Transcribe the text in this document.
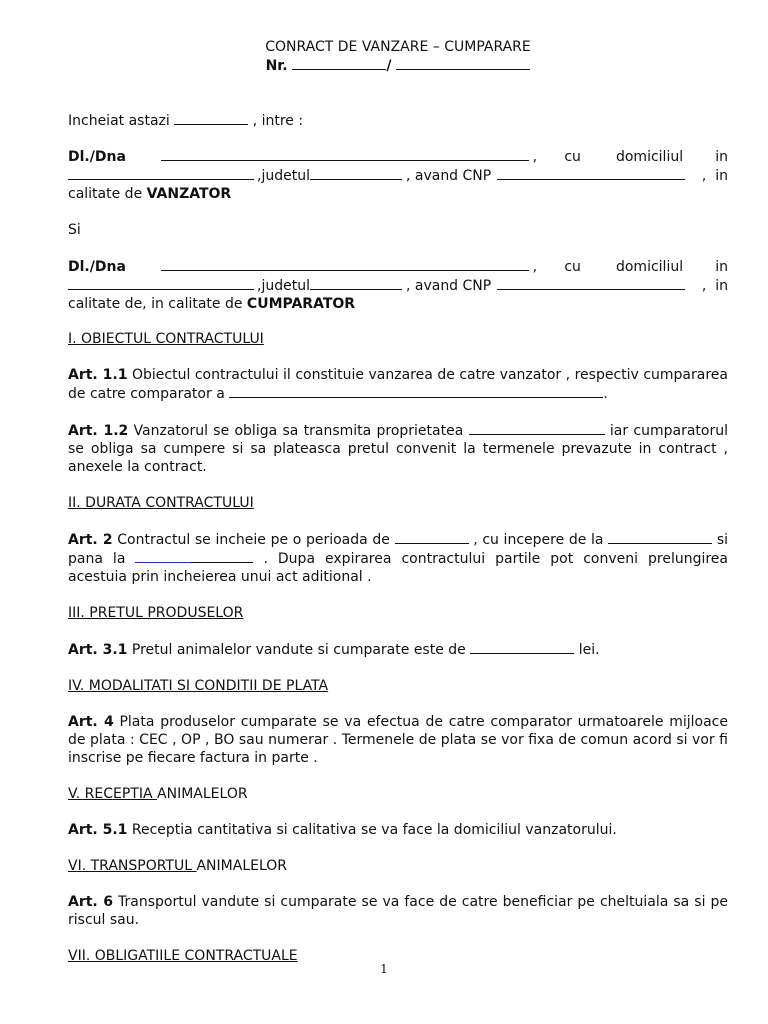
CONRACT DE VANZARE – CUMPARARE
Nr.	/
Incheiat astazi	, intre :
Dl./Dna	,	cu	domiciliul	in
,judetul	, avand CNP	,  in
calitate de VANZATOR
Si
Dl./Dna	,	cu	domiciliul	in
,judetul	, avand CNP	,  in
calitate de, in calitate de CUMPARATOR
I. OBIECTUL CONTRACTULUI
Art. 1.1 Obiectul contractului il constituie vanzarea de catre vanzator , respectiv cumpararea de catre comparator a	.
Art. 1.2 Vanzatorul se obliga sa transmita proprietatea	iar cumparatorul se obliga sa cumpere si sa plateasca pretul convenit la termenele prevazute in contract , anexele la contract.
II. DURATA CONTRACTULUI
Art. 2 Contractul se incheie pe o perioada de	, cu incepere de la	si pana la	. Dupa expirarea contractului partile pot conveni prelungirea acestuia prin incheierea unui act aditional .
III. PRETUL PRODUSELOR
Art. 3.1 Pretul animalelor vandute si cumparate este de	lei.
IV. MODALITATI SI CONDITII DE PLATA
Art. 4 Plata produselor cumparate se va efectua de catre comparator urmatoarele mijloace de plata : CEC , OP , BO sau numerar . Termenele de plata se vor fixa de comun acord si vor fi inscrise pe fiecare factura in parte .
V. RECEPTIA ANIMALELOR
Art. 5.1 Receptia cantitativa si calitativa se va face la domiciliul vanzatorului.
VI. TRANSPORTUL ANIMALELOR
Art. 6 Transportul vandute si cumparate se va face de catre beneficiar pe cheltuiala sa si pe riscul sau.
VII. OBLIGATIILE CONTRACTUALE
1
